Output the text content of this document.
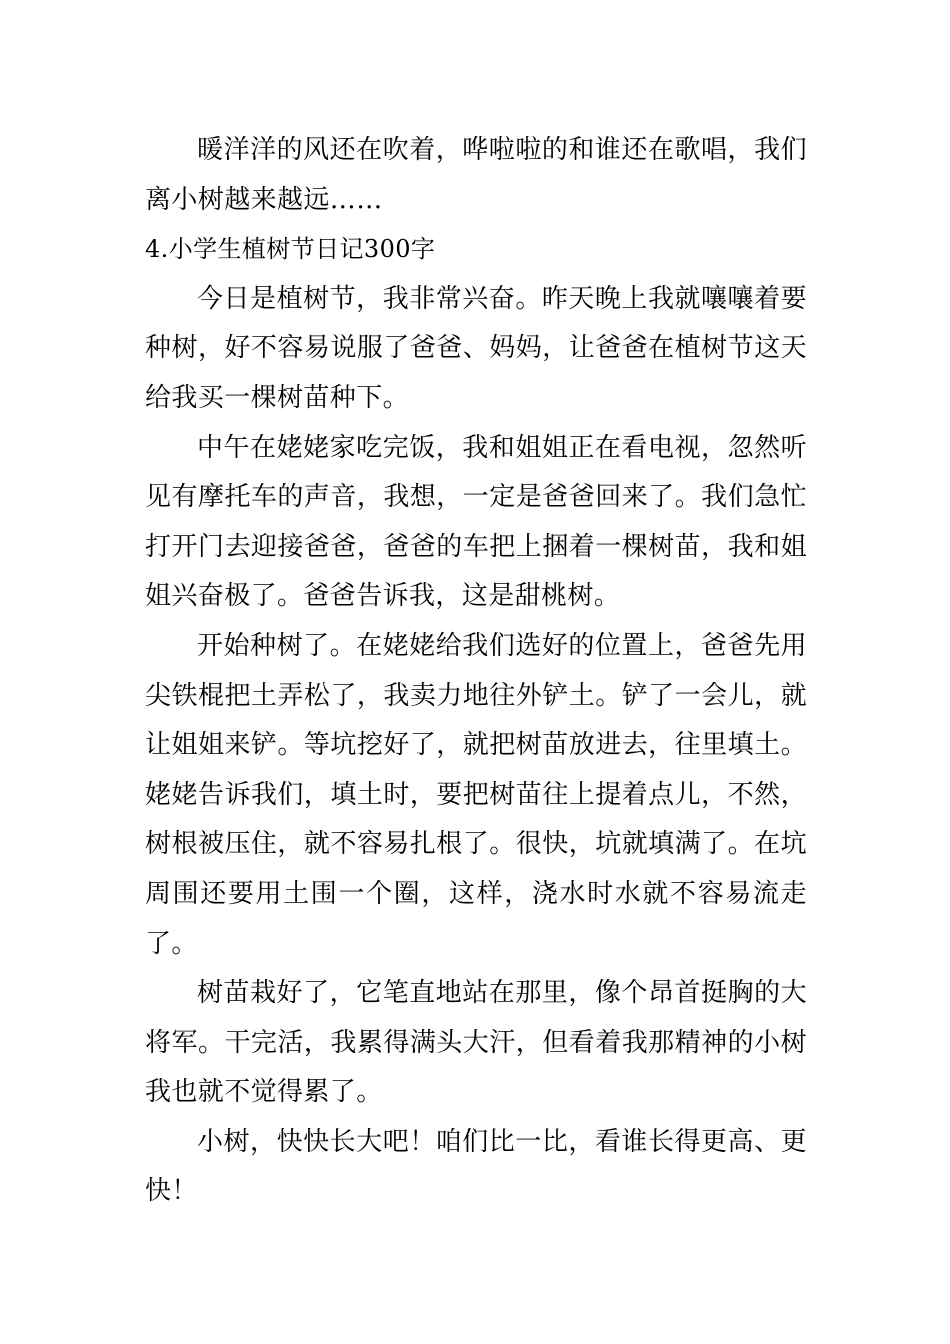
暖洋洋的风还在吹着，哗啦啦的和谁还在歌唱，我们离小树越来越远……

4.小学生植树节日记300字

今日是植树节，我非常兴奋。昨天晚上我就嚷嚷着要种树，好不容易说服了爸爸、妈妈，让爸爸在植树节这天给我买一棵树苗种下。

中午在姥姥家吃完饭，我和姐姐正在看电视，忽然听见有摩托车的声音，我想，一定是爸爸回来了。我们急忙打开门去迎接爸爸，爸爸的车把上捆着一棵树苗，我和姐姐兴奋极了。爸爸告诉我，这是甜桃树。

开始种树了。在姥姥给我们选好的位置上，爸爸先用尖铁棍把土弄松了，我卖力地往外铲土。铲了一会儿，就让姐姐来铲。等坑挖好了，就把树苗放进去，往里填土。姥姥告诉我们，填土时，要把树苗往上提着点儿，不然，树根被压住，就不容易扎根了。很快，坑就填满了。在坑周围还要用土围一个圈，这样，浇水时水就不容易流走了。

树苗栽好了，它笔直地站在那里，像个昂首挺胸的大将军。干完活，我累得满头大汗，但看着我那精神的小树我也就不觉得累了。

小树，快快长大吧！咱们比一比，看谁长得更高、更快！
